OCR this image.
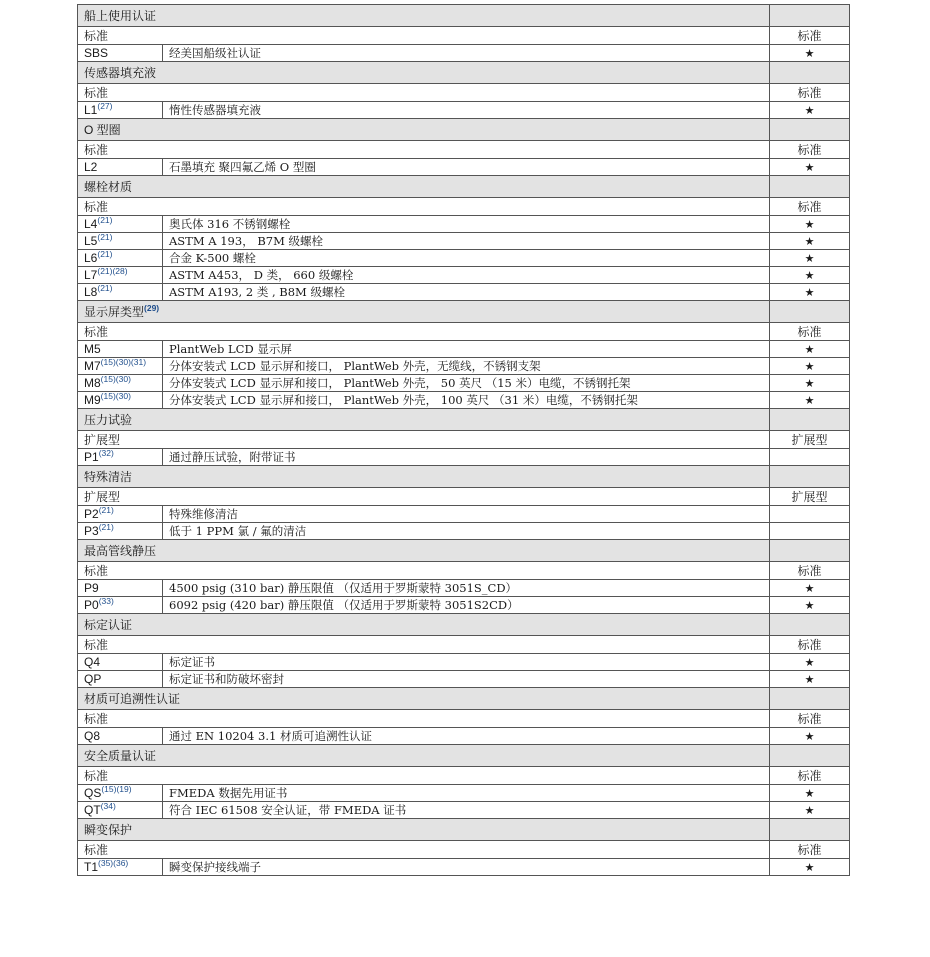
船上使用认证		
标准		标准
SBS	经美国船级社认证	★
传感器填充液		
标准		标准
L1$^{(27)}$	惰性传感器填充液	★
O 型圈		
标准		标准
L2	石墨填充 聚四氟乙烯 O 型圈	★
螺栓材质		
标准		标准
L4$^{(21)}$	奥氏体 316 不锈钢螺栓	★
L5$^{(21)}$	ASTM A 193， B7M 级螺栓	★
L6$^{(21)}$	合金 K-500 螺栓	★
$L7^{(21)(28)}$	ASTM A453， D 类， 660 级螺栓	★
L8$^{(21)}$	ASTM A193, 2 类 , B8M 级螺栓	★
显示屏类型$^{(29)}$	
标准		标准
M5	PlantWeb LCD 显示屏	★
$M7^{(15)(30)(31)}$	分体安装式 LCD 显示屏和接口， PlantWeb 外壳，无缆线，不锈钢支架	★
$M8^{(15)(30)}$	分体安装式 LCD 显示屏和接口， PlantWeb 外壳， 50 英尺 （15 米）电缆，不锈钢托架	★
$M9^{(15)(30)}$	分体安装式 LCD 显示屏和接口， PlantWeb 外壳， 100 英尺 （31 米）电缆，不锈钢托架	★
压力试验		
扩展型		扩展型
P1$^{(32)}$	通过静压试验，附带证书	
特殊清洁		
扩展型		扩展型
P2$^{(21)}$	特殊维修清洁	
P3$^{(21)}$	低于 1 PPM 氯 / 氟的清洁	
最高管线静压		
标准		标准
P9	4500 psig (310 bar) 静压限值 （仅适用于罗斯蒙特 3051S_CD）	★
P0$^{(33)}$	6092 psig (420 bar) 静压限值 （仅适用于罗斯蒙特 3051S2CD）	★
标定认证		
标准		标准
Q4	标定证书	★
QP	标定证书和防破坏密封	★
材质可追溯性认证		
标准		标准
Q8	通过 EN 10204 3.1 材质可追溯性认证	★
安全质量认证		
标准		标准
$QS^{(15)(19)}$	FMEDA 数据先用证书	★
QT$^{(34)}$	符合 IEC 61508 安全认证，带 FMEDA 证书	★
瞬变保护		
标准		标准
$T1^{(35)(36)}$	瞬变保护接线端子	★
